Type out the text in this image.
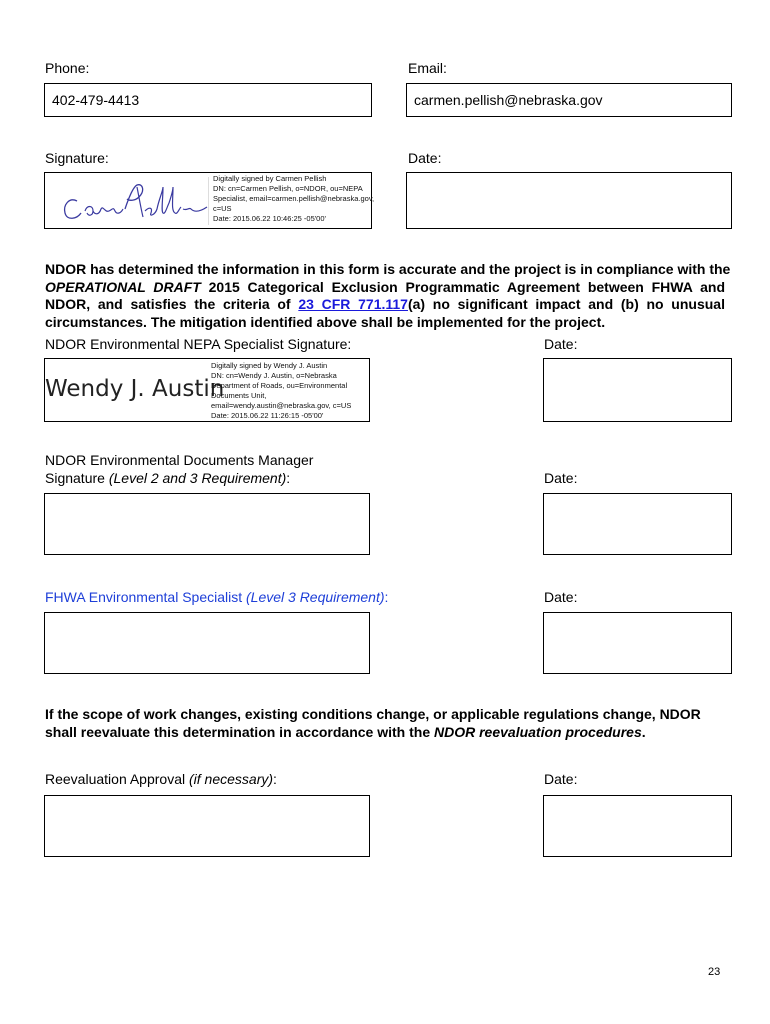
Phone:
402-479-4413
Email:
carmen.pellish@nebraska.gov
Signature:
Digitally signed by Carmen Pellish
DN: cn=Carmen Pellish, o=NDOR, ou=NEPA
Specialist, email=carmen.pellish@nebraska.gov,
c=US
Date: 2015.06.22 10:46:25 -05'00'
Date:
NDOR has determined the information in this form is accurate and the project is in compliance with the
OPERATIONAL DRAFT 2015 Categorical Exclusion Programmatic Agreement between FHWA and
NDOR, and satisfies the criteria of 23 CFR 771.117(a) no significant impact and (b) no unusual
circumstances. The mitigation identified above shall be implemented for the project.
NDOR Environmental NEPA Specialist Signature:
Wendy J. Austin
Digitally signed by Wendy J. Austin
DN: cn=Wendy J. Austin, o=Nebraska
Department of Roads, ou=Environmental
Documents Unit,
email=wendy.austin@nebraska.gov, c=US
Date: 2015.06.22 11:26:15 -05'00'
Date:
NDOR Environmental Documents Manager
Signature (Level 2 and 3 Requirement):	Date:
FHWA Environmental Specialist (Level 3 Requirement):	Date:
If the scope of work changes, existing conditions change, or applicable regulations change, NDOR
shall reevaluate this determination in accordance with the NDOR reevaluation procedures.
Reevaluation Approval (if necessary):	Date:
23
